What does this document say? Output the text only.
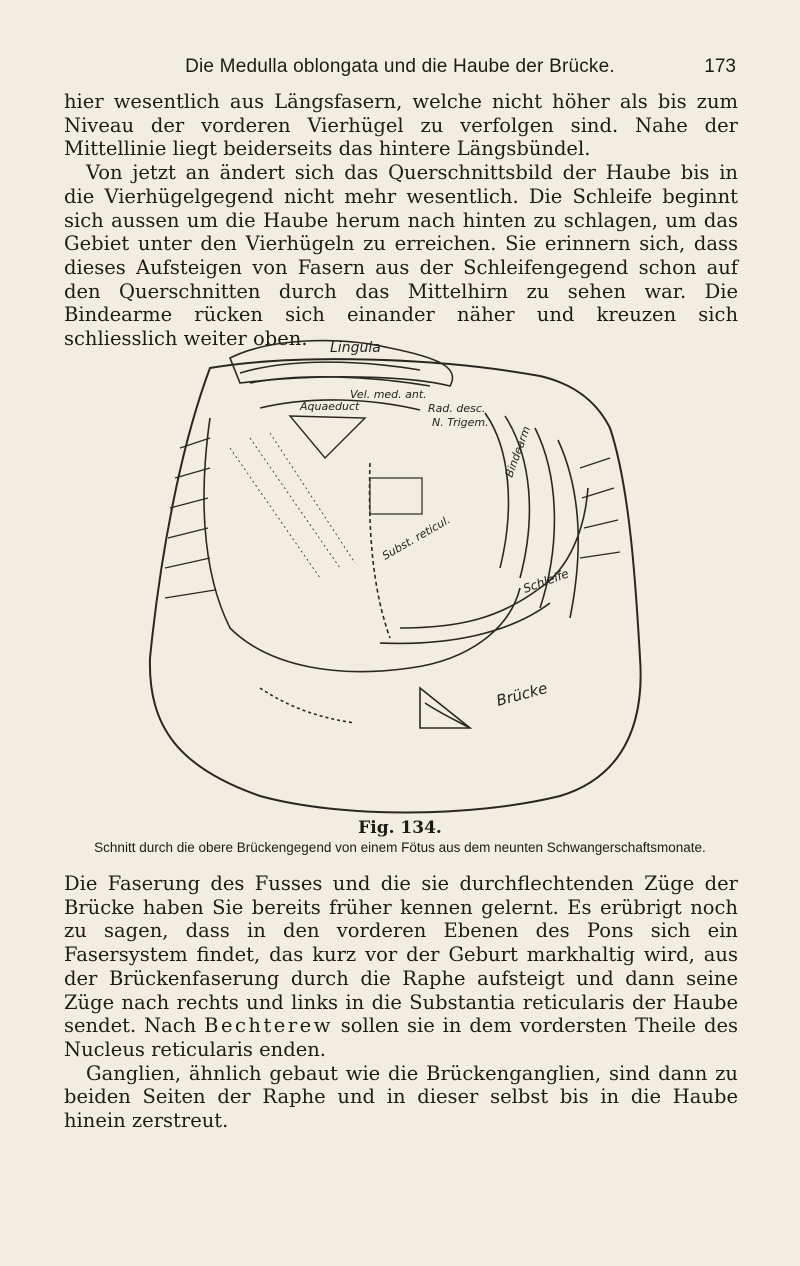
Die Medulla oblongata und die Haube der Brücke.	173

hier wesentlich aus Längsfasern, welche nicht höher als bis zum Niveau der vorderen Vierhügel zu verfolgen sind. Nahe der Mittellinie liegt beiderseits das hintere Längsbündel.

Von jetzt an ändert sich das Querschnittsbild der Haube bis in die Vierhügelgegend nicht mehr wesentlich. Die Schleife beginnt sich aussen um die Haube herum nach hinten zu schlagen, um das Gebiet unter den Vierhügeln zu erreichen. Sie erinnern sich, dass dieses Aufsteigen von Fasern aus der Schleifengegend schon auf den Querschnitten durch das Mittelhirn zu sehen war. Die Bindearme rücken sich einander näher und kreuzen sich schliesslich weiter oben.	Lingula
Vel. med. ant.
Aquaeduct	Rad. desc.
N. Trigem.
Bindearm
Schleife
Subst. reticul.
Brücke
Fig. 134.
Schnitt durch die obere Brückengegend von einem Fötus aus dem neunten Schwangerschaftsmonate.

Die Faserung des Fusses und die sie durchflechtenden Züge der Brücke haben Sie bereits früher kennen gelernt. Es erübrigt noch zu sagen, dass in den vorderen Ebenen des Pons sich ein Fasersystem findet, das kurz vor der Geburt markhaltig wird, aus der Brückenfaserung durch die Raphe aufsteigt und dann seine Züge nach rechts und links in die Substantia reticularis der Haube sendet. Nach Bechterew sollen sie in dem vordersten Theile des Nucleus reticularis enden.

Ganglien, ähnlich gebaut wie die Brückenganglien, sind dann zu beiden Seiten der Raphe und in dieser selbst bis in die Haube hinein zerstreut.
